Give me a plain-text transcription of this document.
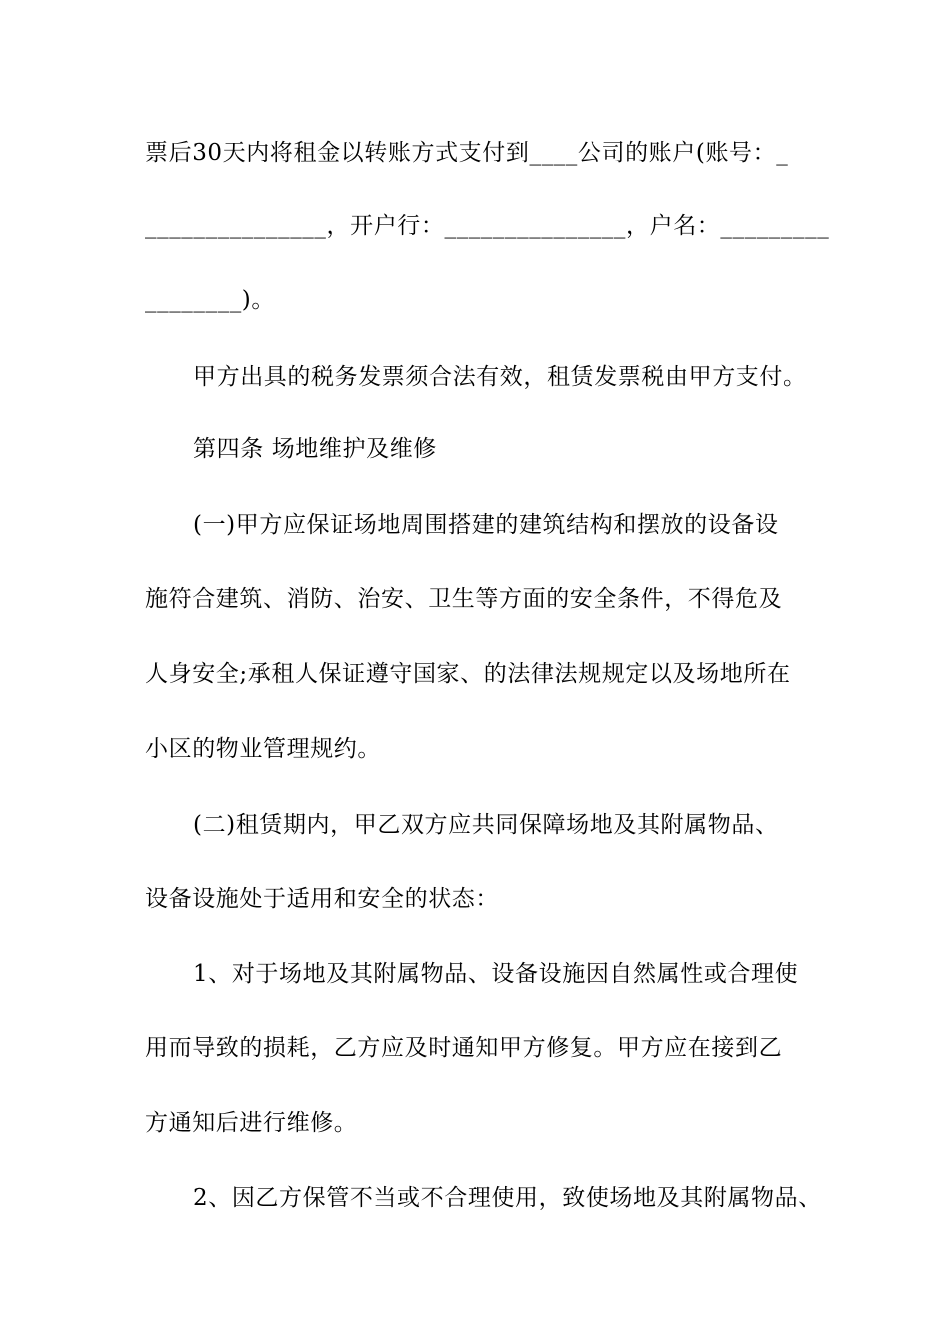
票后30天内将租金以转账方式支付到____公司的账户(账号：_
_______________，开户行：_______________，户名：_________
________)。
甲方出具的税务发票须合法有效，租赁发票税由甲方支付。
第四条 场地维护及维修
(一)甲方应保证场地周围搭建的建筑结构和摆放的设备设
施符合建筑、消防、治安、卫生等方面的安全条件，不得危及
人身安全;承租人保证遵守国家、的法律法规规定以及场地所在
小区的物业管理规约。
(二)租赁期内，甲乙双方应共同保障场地及其附属物品、
设备设施处于适用和安全的状态：
1、对于场地及其附属物品、设备设施因自然属性或合理使
用而导致的损耗，乙方应及时通知甲方修复。甲方应在接到乙
方通知后进行维修。
2、因乙方保管不当或不合理使用，致使场地及其附属物品、
